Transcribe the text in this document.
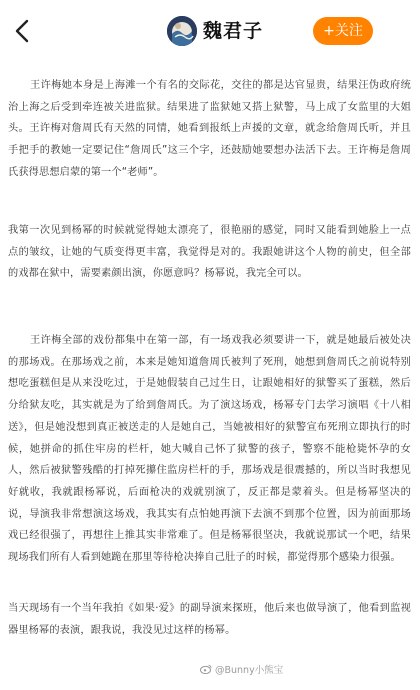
魏君子	+关注

王许梅她本身是上海滩一个有名的交际花，交往的都是达官显贵，结果汪伪政府统治上海之后受到牵连被关进监狱。结果进了监狱她又搭上狱警，马上成了女监里的大姐头。王许梅对詹周氏有天然的同情，她看到报纸上声援的文章，就念给詹周氏听，并且手把手的教她一定要记住“詹周氏”这三个字，还鼓励她要想办法活下去。王许梅是詹周氏获得思想启蒙的第一个“老师”。

我第一次见到杨幂的时候就觉得她太漂亮了，很艳丽的感觉，同时又能看到她脸上一点点的皱纹，让她的气质变得更丰富，我觉得是对的。我跟她讲这个人物的前史，但全部的戏都在狱中，需要素颜出演，你愿意吗？杨幂说，我完全可以。

王许梅全部的戏份都集中在第一部，有一场戏我必须要讲一下，就是她最后被处决的那场戏。在那场戏之前，本来是她知道詹周氏被判了死刑，她想到詹周氏之前说特别想吃蛋糕但是从来没吃过，于是她假装自己过生日，让跟她相好的狱警买了蛋糕，然后分给狱友吃，其实就是为了给到詹周氏。为了演这场戏，杨幂专门去学习演唱《十八相送》，但是她没想到真正被送走的人是她自己，当她被相好的狱警宣布死刑立即执行的时候，她拼命的抓住牢房的栏杆，她大喊自己怀了狱警的孩子，警察不能枪毙怀孕的女人，然后被狱警残酷的打掉死攥住监房栏杆的手，那场戏是很震撼的，所以当时我想见好就收，我就跟杨幂说，后面枪决的戏就别演了，反正都是蒙着头。但是杨幂坚决的说，导演我非常想演这场戏，我其实有点怕她再演下去演不到那个位置，因为前面那场戏已经很强了，再想往上推其实非常难了。但是杨幂很坚决，我就说那试一个吧，结果现场我们所有人看到她跪在那里等待枪决捧自己肚子的时候，都觉得那个感染力很强。

当天现场有一个当年我拍《如果·爱》的副导演来探班，他后来也做导演了，他看到监视器里杨幂的表演，跟我说，我没见过这样的杨幂。

@Bunny小熊宝
